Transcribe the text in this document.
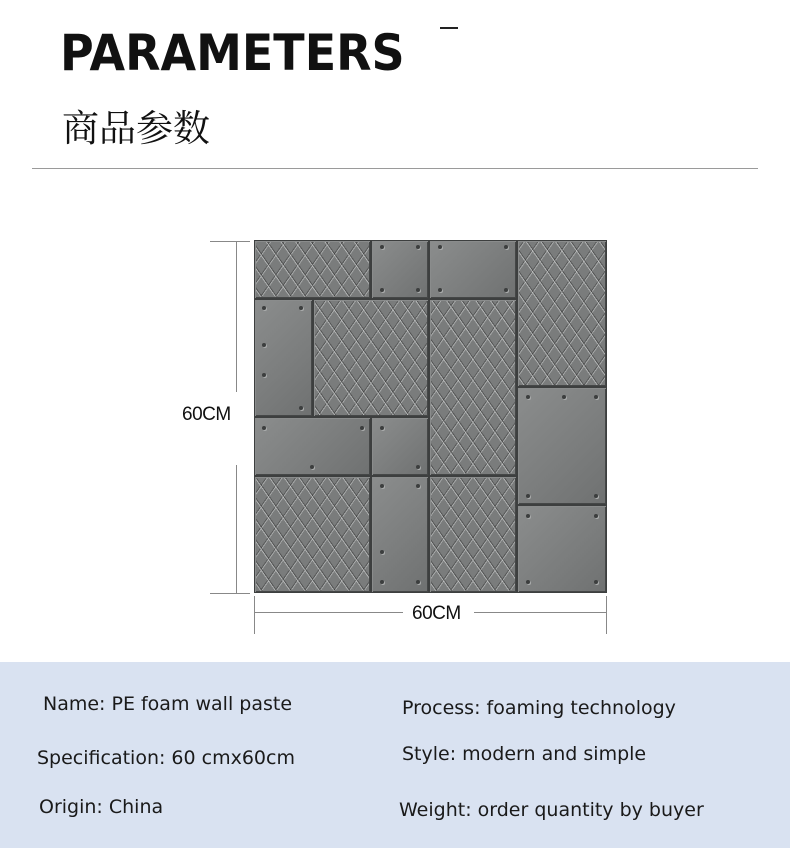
PARAMETERS
商品参数
60CM
60CM
Name: PE foam wall paste	Process: foaming technology
Specification: 60 cmx60cm	Style: modern and simple
Origin: China	Weight: order quantity by buyer
